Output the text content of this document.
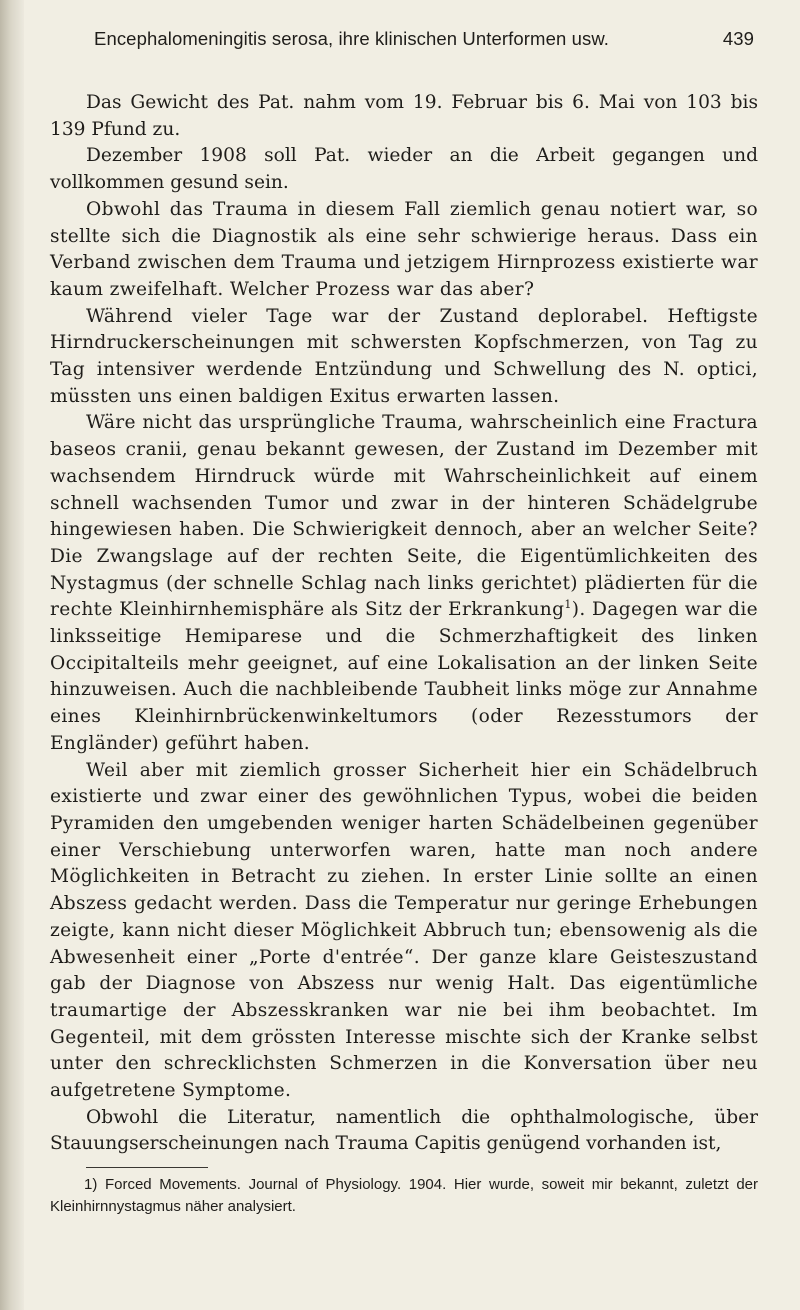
Encephalomeningitis serosa, ihre klinischen Unterformen usw.	439

Das Gewicht des Pat. nahm vom 19. Februar bis 6. Mai von 103 bis 139 Pfund zu.

Dezember 1908 soll Pat. wieder an die Arbeit gegangen und vollkommen gesund sein.

Obwohl das Trauma in diesem Fall ziemlich genau notiert war, so stellte sich die Diagnostik als eine sehr schwierige heraus. Dass ein Verband zwischen dem Trauma und jetzigem Hirnprozess existierte war kaum zweifelhaft. Welcher Prozess war das aber?

Während vieler Tage war der Zustand deplorabel. Heftigste Hirndruckerscheinungen mit schwersten Kopfschmerzen, von Tag zu Tag intensiver werdende Entzündung und Schwellung des N. optici, müssten uns einen baldigen Exitus erwarten lassen.

Wäre nicht das ursprüngliche Trauma, wahrscheinlich eine Fractura baseos cranii, genau bekannt gewesen, der Zustand im Dezember mit wachsendem Hirndruck würde mit Wahrscheinlichkeit auf einem schnell wachsenden Tumor und zwar in der hinteren Schädelgrube hingewiesen haben. Die Schwierigkeit dennoch, aber an welcher Seite? Die Zwangslage auf der rechten Seite, die Eigentümlichkeiten des Nystagmus (der schnelle Schlag nach links gerichtet) plädierten für die rechte Kleinhirnhemisphäre als Sitz der Erkrankung$^1$). Dagegen war die linksseitige Hemiparese und die Schmerzhaftigkeit des linken Occipitalteils mehr geeignet, auf eine Lokalisation an der linken Seite hinzuweisen. Auch die nachbleibende Taubheit links möge zur Annahme eines Kleinhirnbrückenwinkeltumors (oder Rezesstumors der Engländer) geführt haben.

Weil aber mit ziemlich grosser Sicherheit hier ein Schädelbruch existierte und zwar einer des gewöhnlichen Typus, wobei die beiden Pyramiden den umgebenden weniger harten Schädelbeinen gegenüber einer Verschiebung unterworfen waren, hatte man noch andere Möglichkeiten in Betracht zu ziehen. In erster Linie sollte an einen Abszess gedacht werden. Dass die Temperatur nur geringe Erhebungen zeigte, kann nicht dieser Möglichkeit Abbruch tun; ebensowenig als die Abwesenheit einer „Porte d'entrée“. Der ganze klare Geisteszustand gab der Diagnose von Abszess nur wenig Halt. Das eigentümliche traumartige der Abszesskranken war nie bei ihm beobachtet. Im Gegenteil, mit dem grössten Interesse mischte sich der Kranke selbst unter den schrecklichsten Schmerzen in die Konversation über neu aufgetretene Symptome.

Obwohl die Literatur, namentlich die ophthalmologische, über Stauungserscheinungen nach Trauma Capitis genügend vorhanden ist,

1) Forced Movements. Journal of Physiology. 1904. Hier wurde, soweit mir bekannt, zuletzt der Kleinhirnnystagmus näher analysiert.
